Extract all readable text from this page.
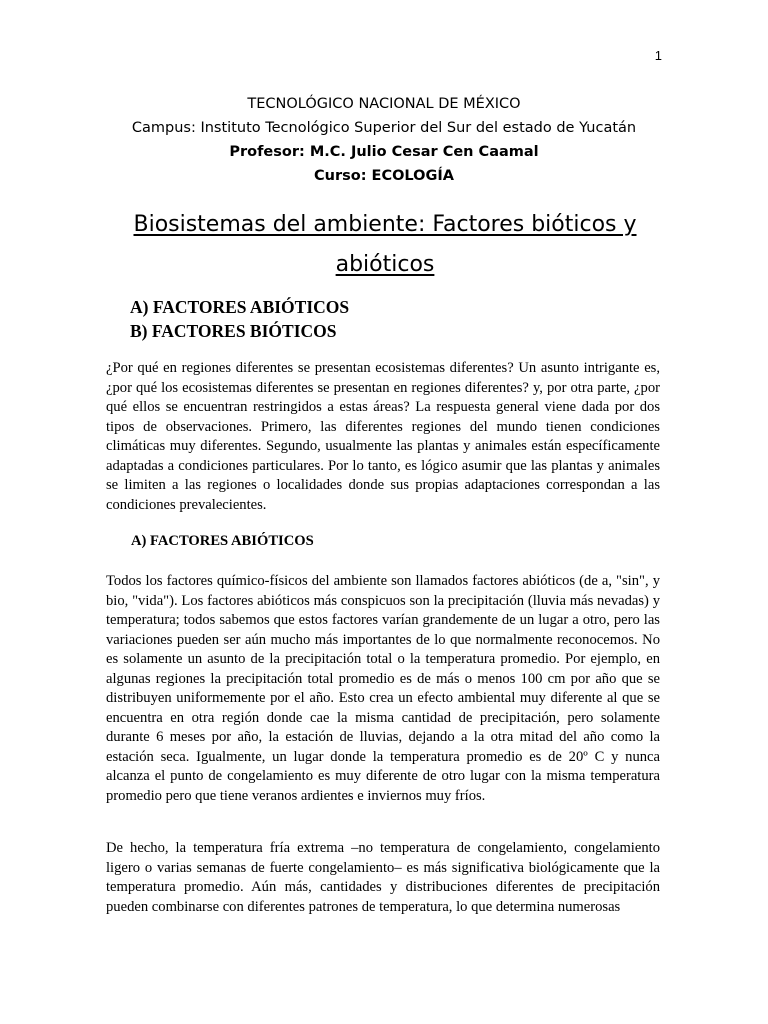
1
TECNOLÓGICO NACIONAL DE MÉXICO
Campus: Instituto Tecnológico Superior del Sur del estado de Yucatán
Profesor: M.C. Julio Cesar Cen Caamal
Curso: ECOLOGÍA
Biosistemas del ambiente: Factores bióticos y abióticos
A) FACTORES ABIÓTICOS
B) FACTORES BIÓTICOS

¿Por qué en regiones diferentes se presentan ecosistemas diferentes? Un asunto intrigante es, ¿por qué los ecosistemas diferentes se presentan en regiones diferentes? y, por otra parte, ¿por qué ellos se encuentran restringidos a estas áreas? La respuesta general viene dada por dos tipos de observaciones. Primero, las diferentes regiones del mundo tienen condiciones climáticas muy diferentes. Segundo, usualmente las plantas y animales están específicamente adaptadas a condiciones particulares. Por lo tanto, es lógico asumir que las plantas y animales se limiten a las regiones o localidades donde sus propias adaptaciones correspondan a las condiciones prevalecientes.

A) FACTORES ABIÓTICOS

Todos los factores químico-físicos del ambiente son llamados factores abióticos (de a, "sin", y bio, "vida"). Los factores abióticos más conspicuos son la precipitación (lluvia más nevadas) y temperatura; todos sabemos que estos factores varían grandemente de un lugar a otro, pero las variaciones pueden ser aún mucho más importantes de lo que normalmente reconocemos. No es solamente un asunto de la precipitación total o la temperatura promedio. Por ejemplo, en algunas regiones la precipitación total promedio es de más o menos 100 cm por año que se distribuyen uniformemente por el año. Esto crea un efecto ambiental muy diferente al que se encuentra en otra región donde cae la misma cantidad de precipitación, pero solamente durante 6 meses por año, la estación de lluvias, dejando a la otra mitad del año como la estación seca. Igualmente, un lugar donde la temperatura promedio es de 20º C y nunca alcanza el punto de congelamiento es muy diferente de otro lugar con la misma temperatura promedio pero que tiene veranos ardientes e inviernos muy fríos.

De hecho, la temperatura fría extrema –no temperatura de congelamiento, congelamiento ligero o varias semanas de fuerte congelamiento– es más significativa biológicamente que la temperatura promedio. Aún más, cantidades y distribuciones diferentes de precipitación pueden combinarse con diferentes patrones de temperatura, lo que determina numerosas
